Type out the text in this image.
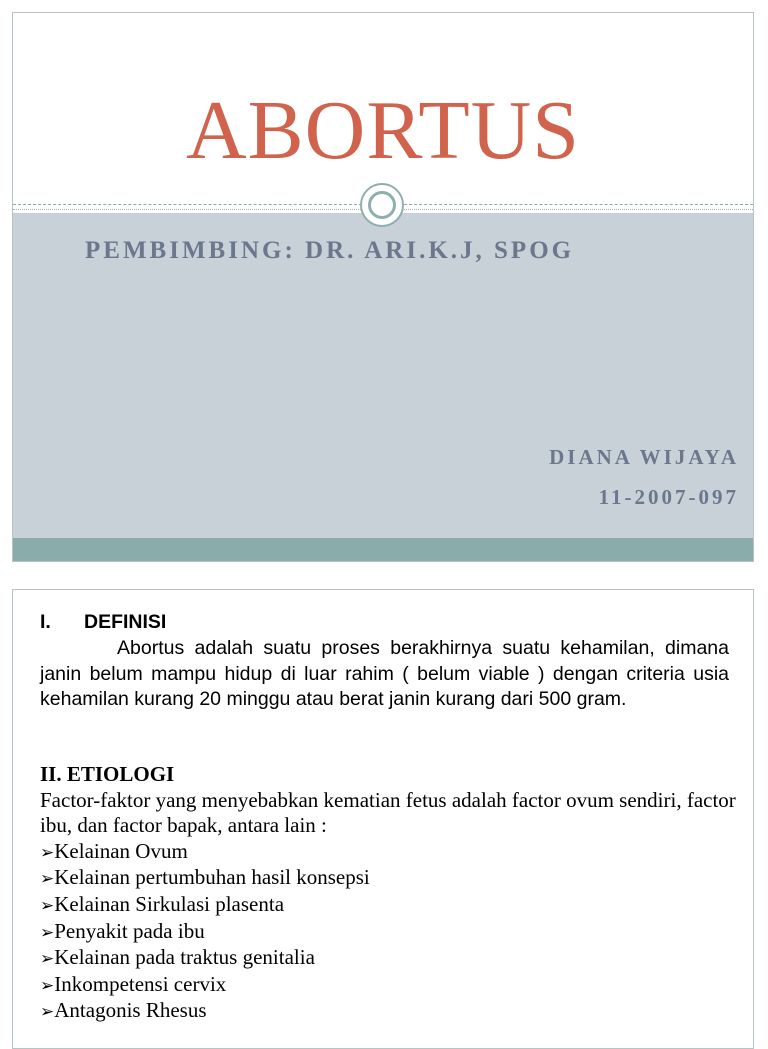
ABORTUS
PEMBIMBING: DR. ARI.K.J, SPOG
DIANA WIJAYA
11-2007-097
I. DEFINISI
Abortus adalah suatu proses berakhirnya suatu kehamilan, dimana janin belum mampu hidup di luar rahim ( belum viable ) dengan criteria usia kehamilan kurang 20 minggu atau berat janin kurang dari 500 gram.
II. ETIOLOGI
Factor-faktor yang menyebabkan kematian fetus adalah factor ovum sendiri, factor ibu, dan factor bapak, antara lain :
➢ Kelainan Ovum
➢ Kelainan pertumbuhan hasil konsepsi
➢ Kelainan Sirkulasi plasenta
➢ Penyakit pada ibu
➢ Kelainan pada traktus genitalia
➢ Inkompetensi cervix
➢ Antagonis Rhesus
